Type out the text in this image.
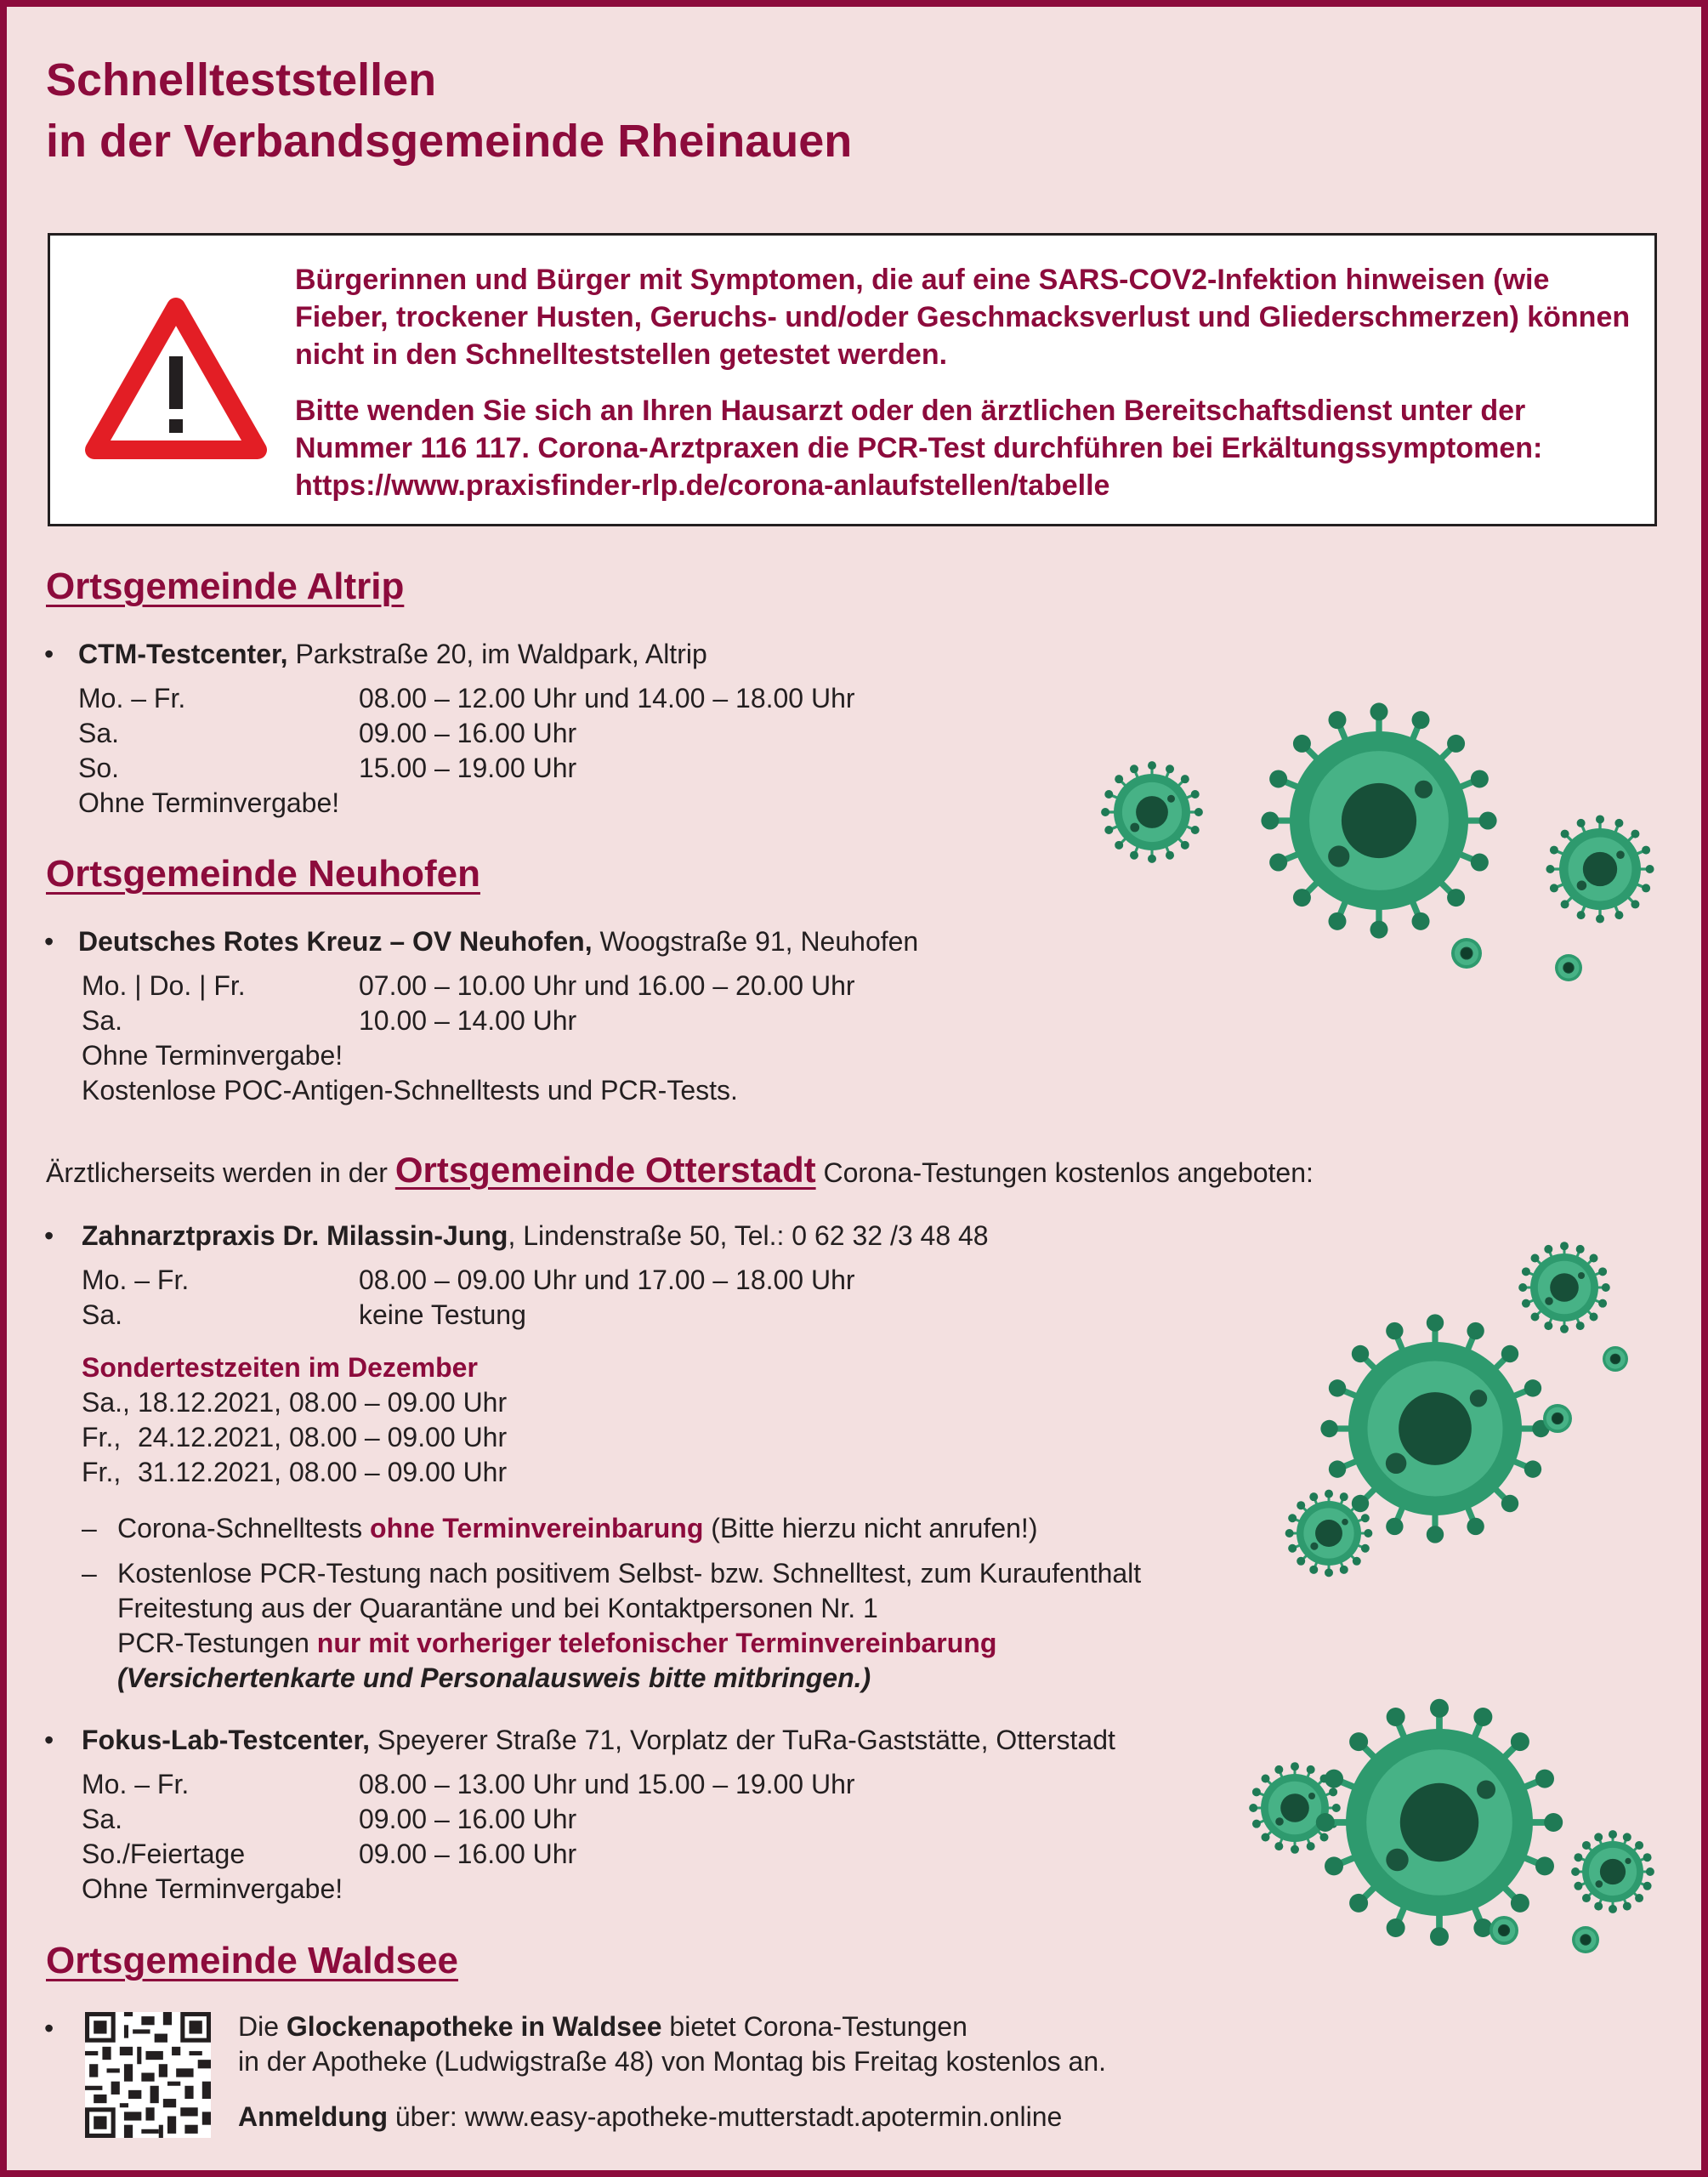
Schnellteststellen
in der Verbandsgemeinde Rheinauen

Bürgerinnen und Bürger mit Symptomen, die auf eine SARS-COV2-Infektion hinweisen (wie Fieber, trockener Husten, Geruchs- und/oder Geschmacksverlust und Gliederschmerzen) können nicht in den Schnellteststellen getestet werden.

Bitte wenden Sie sich an Ihren Hausarzt oder den ärztlichen Bereitschaftsdienst unter der Nummer 116 117. Corona-Arztpraxen die PCR-Test durchführen bei Erkältungssymptomen: https://www.praxisfinder-rlp.de/corona-anlaufstellen/tabelle

Ortsgemeinde Altrip
• CTM-Testcenter, Parkstraße 20, im Waldpark, Altrip
Mo. – Fr.	08.00 – 12.00 Uhr und 14.00 – 18.00 Uhr
Sa.	09.00 – 16.00 Uhr
So.	15.00 – 19.00 Uhr
Ohne Terminvergabe!
Ortsgemeinde Neuhofen
• Deutsches Rotes Kreuz – OV Neuhofen, Woogstraße 91, Neuhofen
Mo. | Do. | Fr.	07.00 – 10.00 Uhr und 16.00 – 20.00 Uhr
Sa.	10.00 – 14.00 Uhr
Ohne Terminvergabe!
Kostenlose POC-Antigen-Schnelltests und PCR-Tests.
Ärztlicherseits werden in der Ortsgemeinde Otterstadt Corona-Testungen kostenlos angeboten:
• Zahnarztpraxis Dr. Milassin-Jung, Lindenstraße 50, Tel.: 0 62 32 /3 48 48
Mo. – Fr.	08.00 – 09.00 Uhr und 17.00 – 18.00 Uhr
Sa.	keine Testung
Sondertestzeiten im Dezember
Sa., 18.12.2021, 08.00 – 09.00 Uhr
Fr., 24.12.2021, 08.00 – 09.00 Uhr
Fr., 31.12.2021, 08.00 – 09.00 Uhr
– Corona-Schnelltests ohne Terminvereinbarung (Bitte hierzu nicht anrufen!)
– Kostenlose PCR-Testung nach positivem Selbst- bzw. Schnelltest, zum Kuraufenthalt
Freitestung aus der Quarantäne und bei Kontaktpersonen Nr. 1
PCR-Testungen nur mit vorheriger telefonischer Terminvereinbarung
(Versichertenkarte und Personalausweis bitte mitbringen.)
• Fokus-Lab-Testcenter, Speyerer Straße 71, Vorplatz der TuRa-Gaststätte, Otterstadt
Mo. – Fr.	08.00 – 13.00 Uhr und 15.00 – 19.00 Uhr
Sa.	09.00 – 16.00 Uhr
So./Feiertage	09.00 – 16.00 Uhr
Ohne Terminvergabe!
Ortsgemeinde Waldsee
•	Die Glockenapotheke in Waldsee bietet Corona-Testungen
in der Apotheke (Ludwigstraße 48) von Montag bis Freitag kostenlos an.
Anmeldung über: www.easy-apotheke-mutterstadt.apotermin.online
